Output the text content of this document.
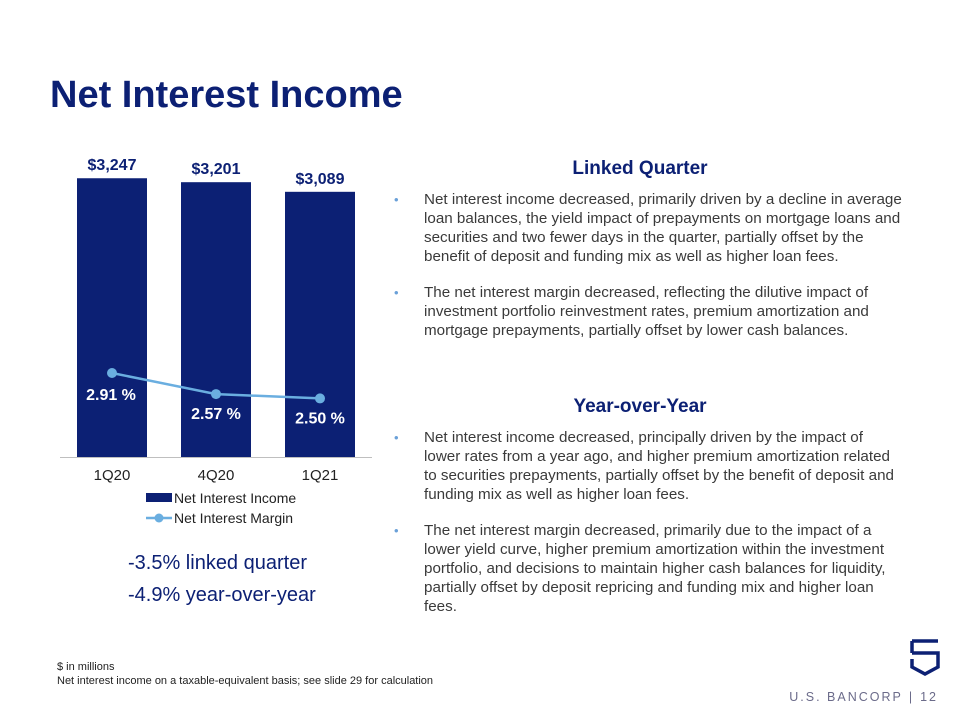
Net Interest Income
$3,247
1Q20
$3,201
4Q20
$3,089
1Q21
2.91 %
2.57 %	2.50 %
Net Interest Income
Net Interest Margin
-3.5% linked quarter
-4.9% year-over-year
Linked Quarter
• Net interest income decreased, primarily driven by a decline in average loan balances, the yield impact of prepayments on mortgage loans and securities and two fewer days in the quarter, partially offset by the benefit of deposit and funding mix as well as higher loan fees.
• The net interest margin decreased, reflecting the dilutive impact of investment portfolio reinvestment rates, premium amortization and mortgage prepayments, partially offset by lower cash balances.
Year-over-Year
• Net interest income decreased, principally driven by the impact of lower rates from a year ago, and higher premium amortization related to securities prepayments, partially offset by the benefit of deposit and funding mix as well as higher loan fees.
• The net interest margin decreased, primarily due to the impact of a lower yield curve, higher premium amortization within the investment portfolio, and decisions to maintain higher cash balances for liquidity, partially offset by deposit repricing and funding mix and higher loan fees.
$ in millions
Net interest income on a taxable-equivalent basis; see slide 29 for calculation
U.S. BANCORP | 12
